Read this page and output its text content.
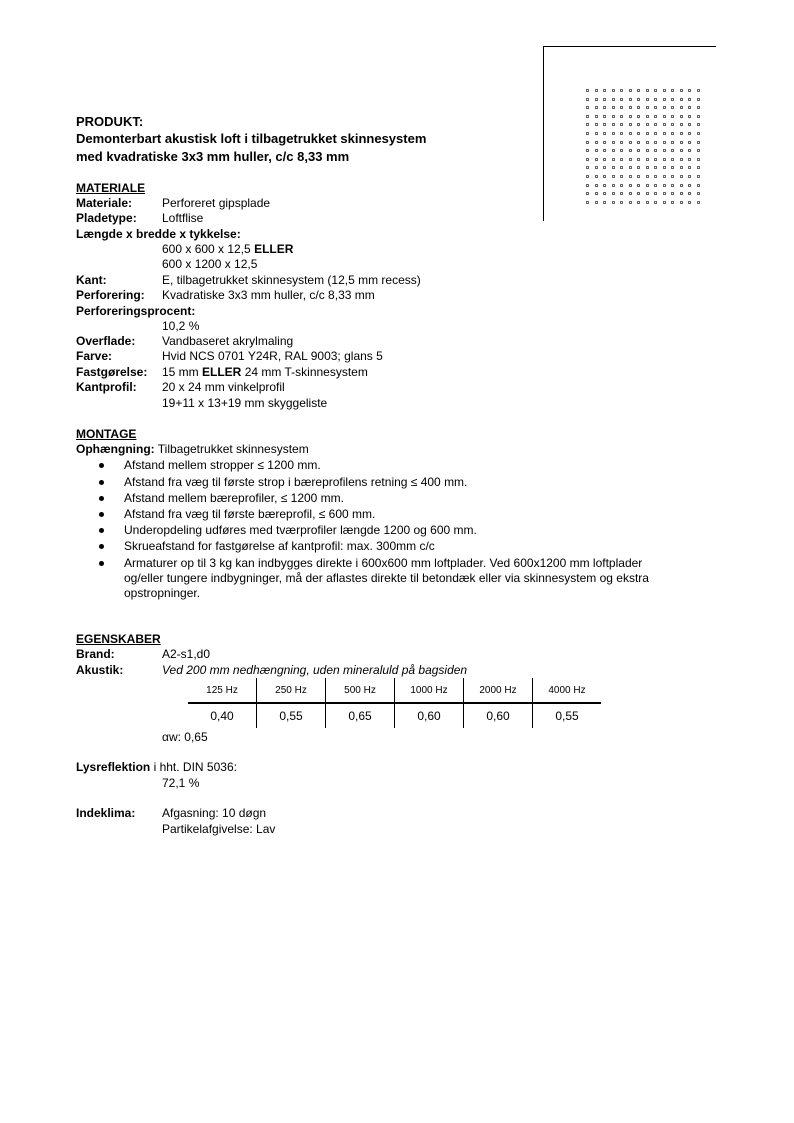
PRODUKT:
Demonterbart akustisk loft i tilbagetrukket skinnesystem
med kvadratiske 3x3 mm huller, c/c 8,33 mm
MATERIALE
Materiale: Perforeret gipsplade
Pladetype: Loftflise
Længde x bredde x tykkelse:
600 x 600 x 12,5 ELLER
600 x 1200 x 12,5
Kant:	E, tilbagetrukket skinnesystem (12,5 mm recess)
Perforering: Kvadratiske 3x3 mm huller, c/c 8,33 mm
Perforeringsprocent:
10,2 %
Overflade: Vandbaseret akrylmaling
Farve:	Hvid NCS 0701 Y24R, RAL 9003; glans 5
Fastgørelse: 15 mm ELLER 24 mm T-skinnesystem
Kantprofil: 20 x 24 mm vinkelprofil
19+11 x 13+19 mm skyggeliste
MONTAGE
Ophængning: Tilbagetrukket skinnesystem
Afstand mellem stropper ≤ 1200 mm.
Afstand fra væg til første strop i bæreprofilens retning ≤ 400 mm.
Afstand mellem bæreprofiler, ≤ 1200 mm.
Afstand fra væg til første bæreprofil, ≤ 600 mm.
Underopdeling udføres med tværprofiler længde 1200 og 600 mm.
Skrueafstand for fastgørelse af kantprofil: max. 300mm c/c
Armaturer op til 3 kg kan indbygges direkte i 600x600 mm loftplader. Ved 600x1200 mm loftplader
og/eller tungere indbygninger, må der aflastes direkte til betondæk eller via skinnesystem og ekstra
opstropninger.
EGENSKABER
Brand:	A2-s1,d0
Akustik:	Ved 200 mm nedhængning, uden mineraluld på bagsiden
125 Hz	250 Hz	500 Hz	1000 Hz	2000 Hz	4000 Hz
0,40	0,55	0,65	0,60	0,60	0,55
αw: 0,65
Lysreflektion i hht. DIN 5036:
72,1 %
Indeklima: Afgasning: 10 døgn
Partikelafgivelse: Lav
